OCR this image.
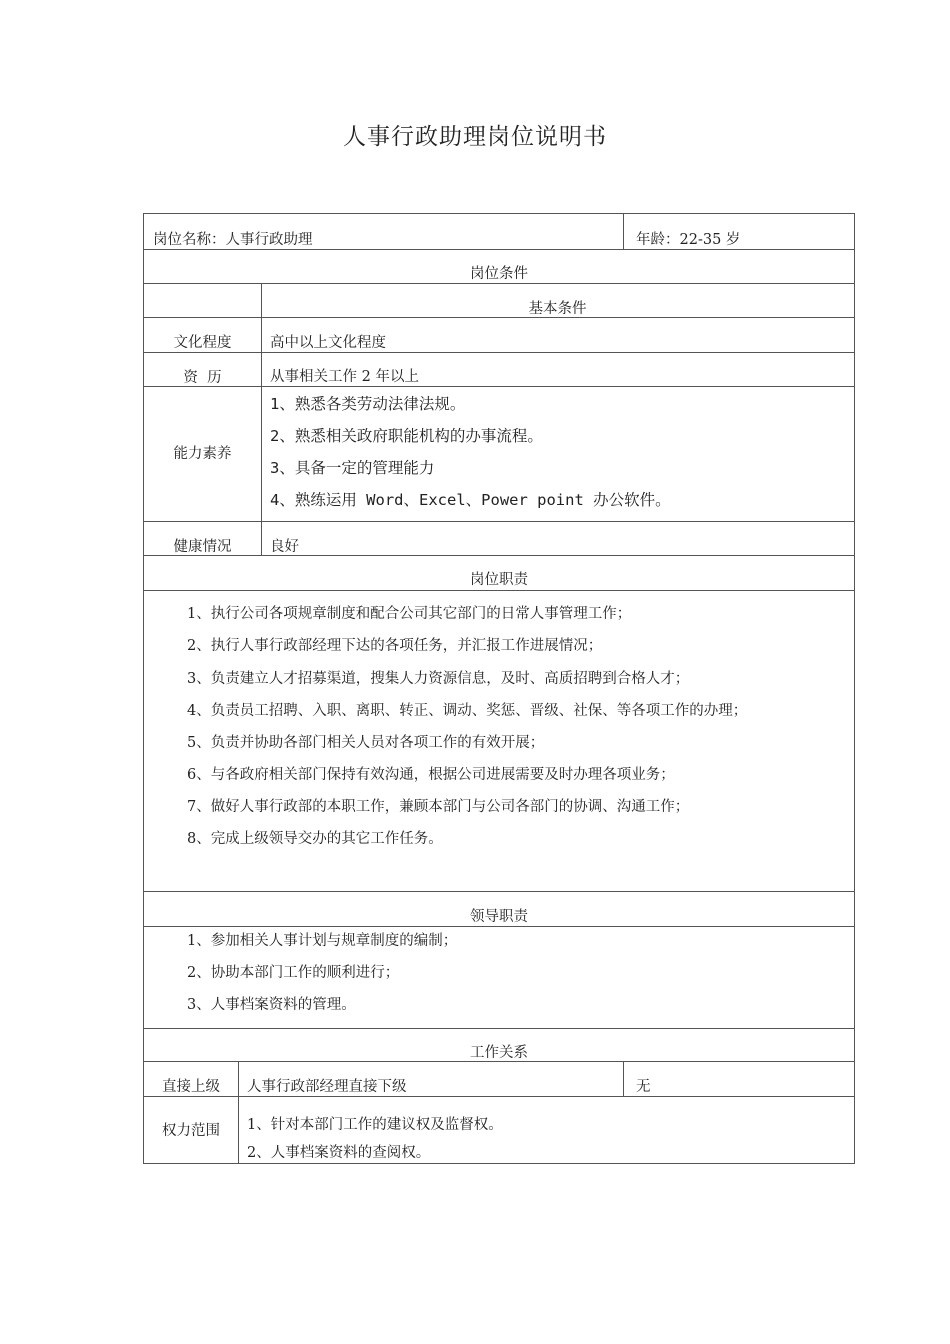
人事行政助理岗位说明书
岗位名称：人事行政助理	年龄：22-35 岁
岗位条件
基本条件
文化程度	高中以上文化程度
资  历	从事相关工作 2 年以上
能力素养
1、熟悉各类劳动法律法规。
2、熟悉相关政府职能机构的办事流程。
3、具备一定的管理能力
4、熟练运用 Word、Excel、Power point 办公软件。
健康情况	良好
岗位职责
1、执行公司各项规章制度和配合公司其它部门的日常人事管理工作；
2、执行人事行政部经理下达的各项任务，并汇报工作进展情况；
3、负责建立人才招募渠道，搜集人力资源信息，及时、高质招聘到合格人才；
4、负责员工招聘、入职、离职、转正、调动、奖惩、晋级、社保、等各项工作的办理；
5、负责并协助各部门相关人员对各项工作的有效开展；
6、与各政府相关部门保持有效沟通，根据公司进展需要及时办理各项业务；
7、做好人事行政部的本职工作，兼顾本部门与公司各部门的协调、沟通工作；
8、完成上级领导交办的其它工作任务。
领导职责
1、参加相关人事计划与规章制度的编制；
2、协助本部门工作的顺利进行；
3、人事档案资料的管理。
工作关系
直接上级	人事行政部经理直接下级	无
权力范围	1、针对本部门工作的建议权及监督权。
2、人事档案资料的查阅权。
